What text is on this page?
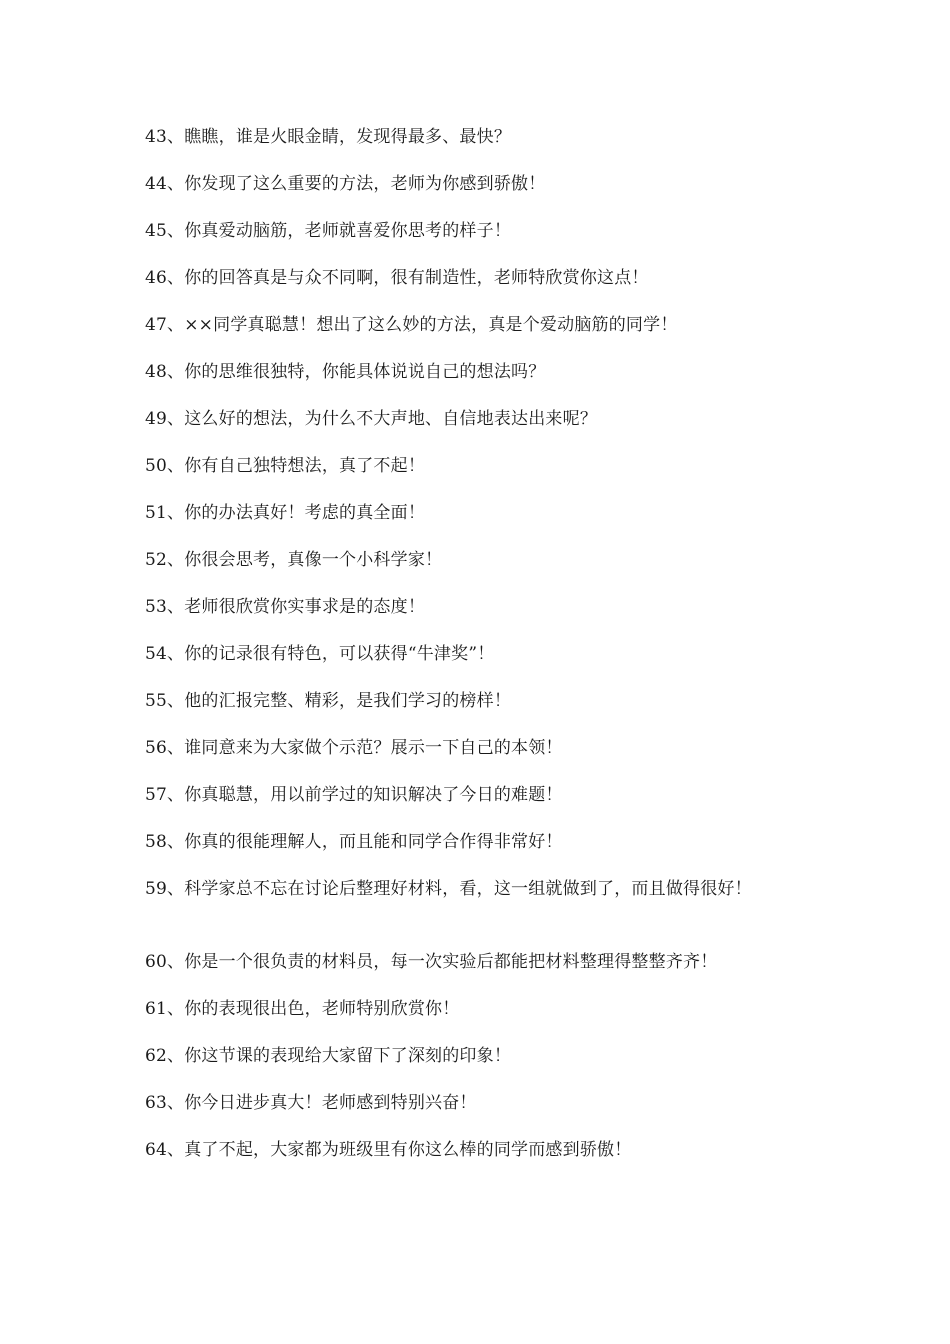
43、瞧瞧，谁是火眼金睛，发现得最多、最快？
44、你发现了这么重要的方法，老师为你感到骄傲！
45、你真爱动脑筋，老师就喜爱你思考的样子！
46、你的回答真是与众不同啊，很有制造性，老师特欣赏你这点！
47、××同学真聪慧！想出了这么妙的方法，真是个爱动脑筋的同学！
48、你的思维很独特，你能具体说说自己的想法吗？
49、这么好的想法，为什么不大声地、自信地表达出来呢？
50、你有自己独特想法，真了不起！
51、你的办法真好！考虑的真全面！
52、你很会思考，真像一个小科学家！
53、老师很欣赏你实事求是的态度！
54、你的记录很有特色，可以获得“牛津奖”！
55、他的汇报完整、精彩，是我们学习的榜样！
56、谁同意来为大家做个示范？展示一下自己的本领！
57、你真聪慧，用以前学过的知识解决了今日的难题！
58、你真的很能理解人，而且能和同学合作得非常好！
59、科学家总不忘在讨论后整理好材料，看，这一组就做到了，而且做得很好！
60、你是一个很负责的材料员，每一次实验后都能把材料整理得整整齐齐！
61、你的表现很出色，老师特别欣赏你！
62、你这节课的表现给大家留下了深刻的印象！
63、你今日进步真大！老师感到特别兴奋！
64、真了不起，大家都为班级里有你这么棒的同学而感到骄傲！
